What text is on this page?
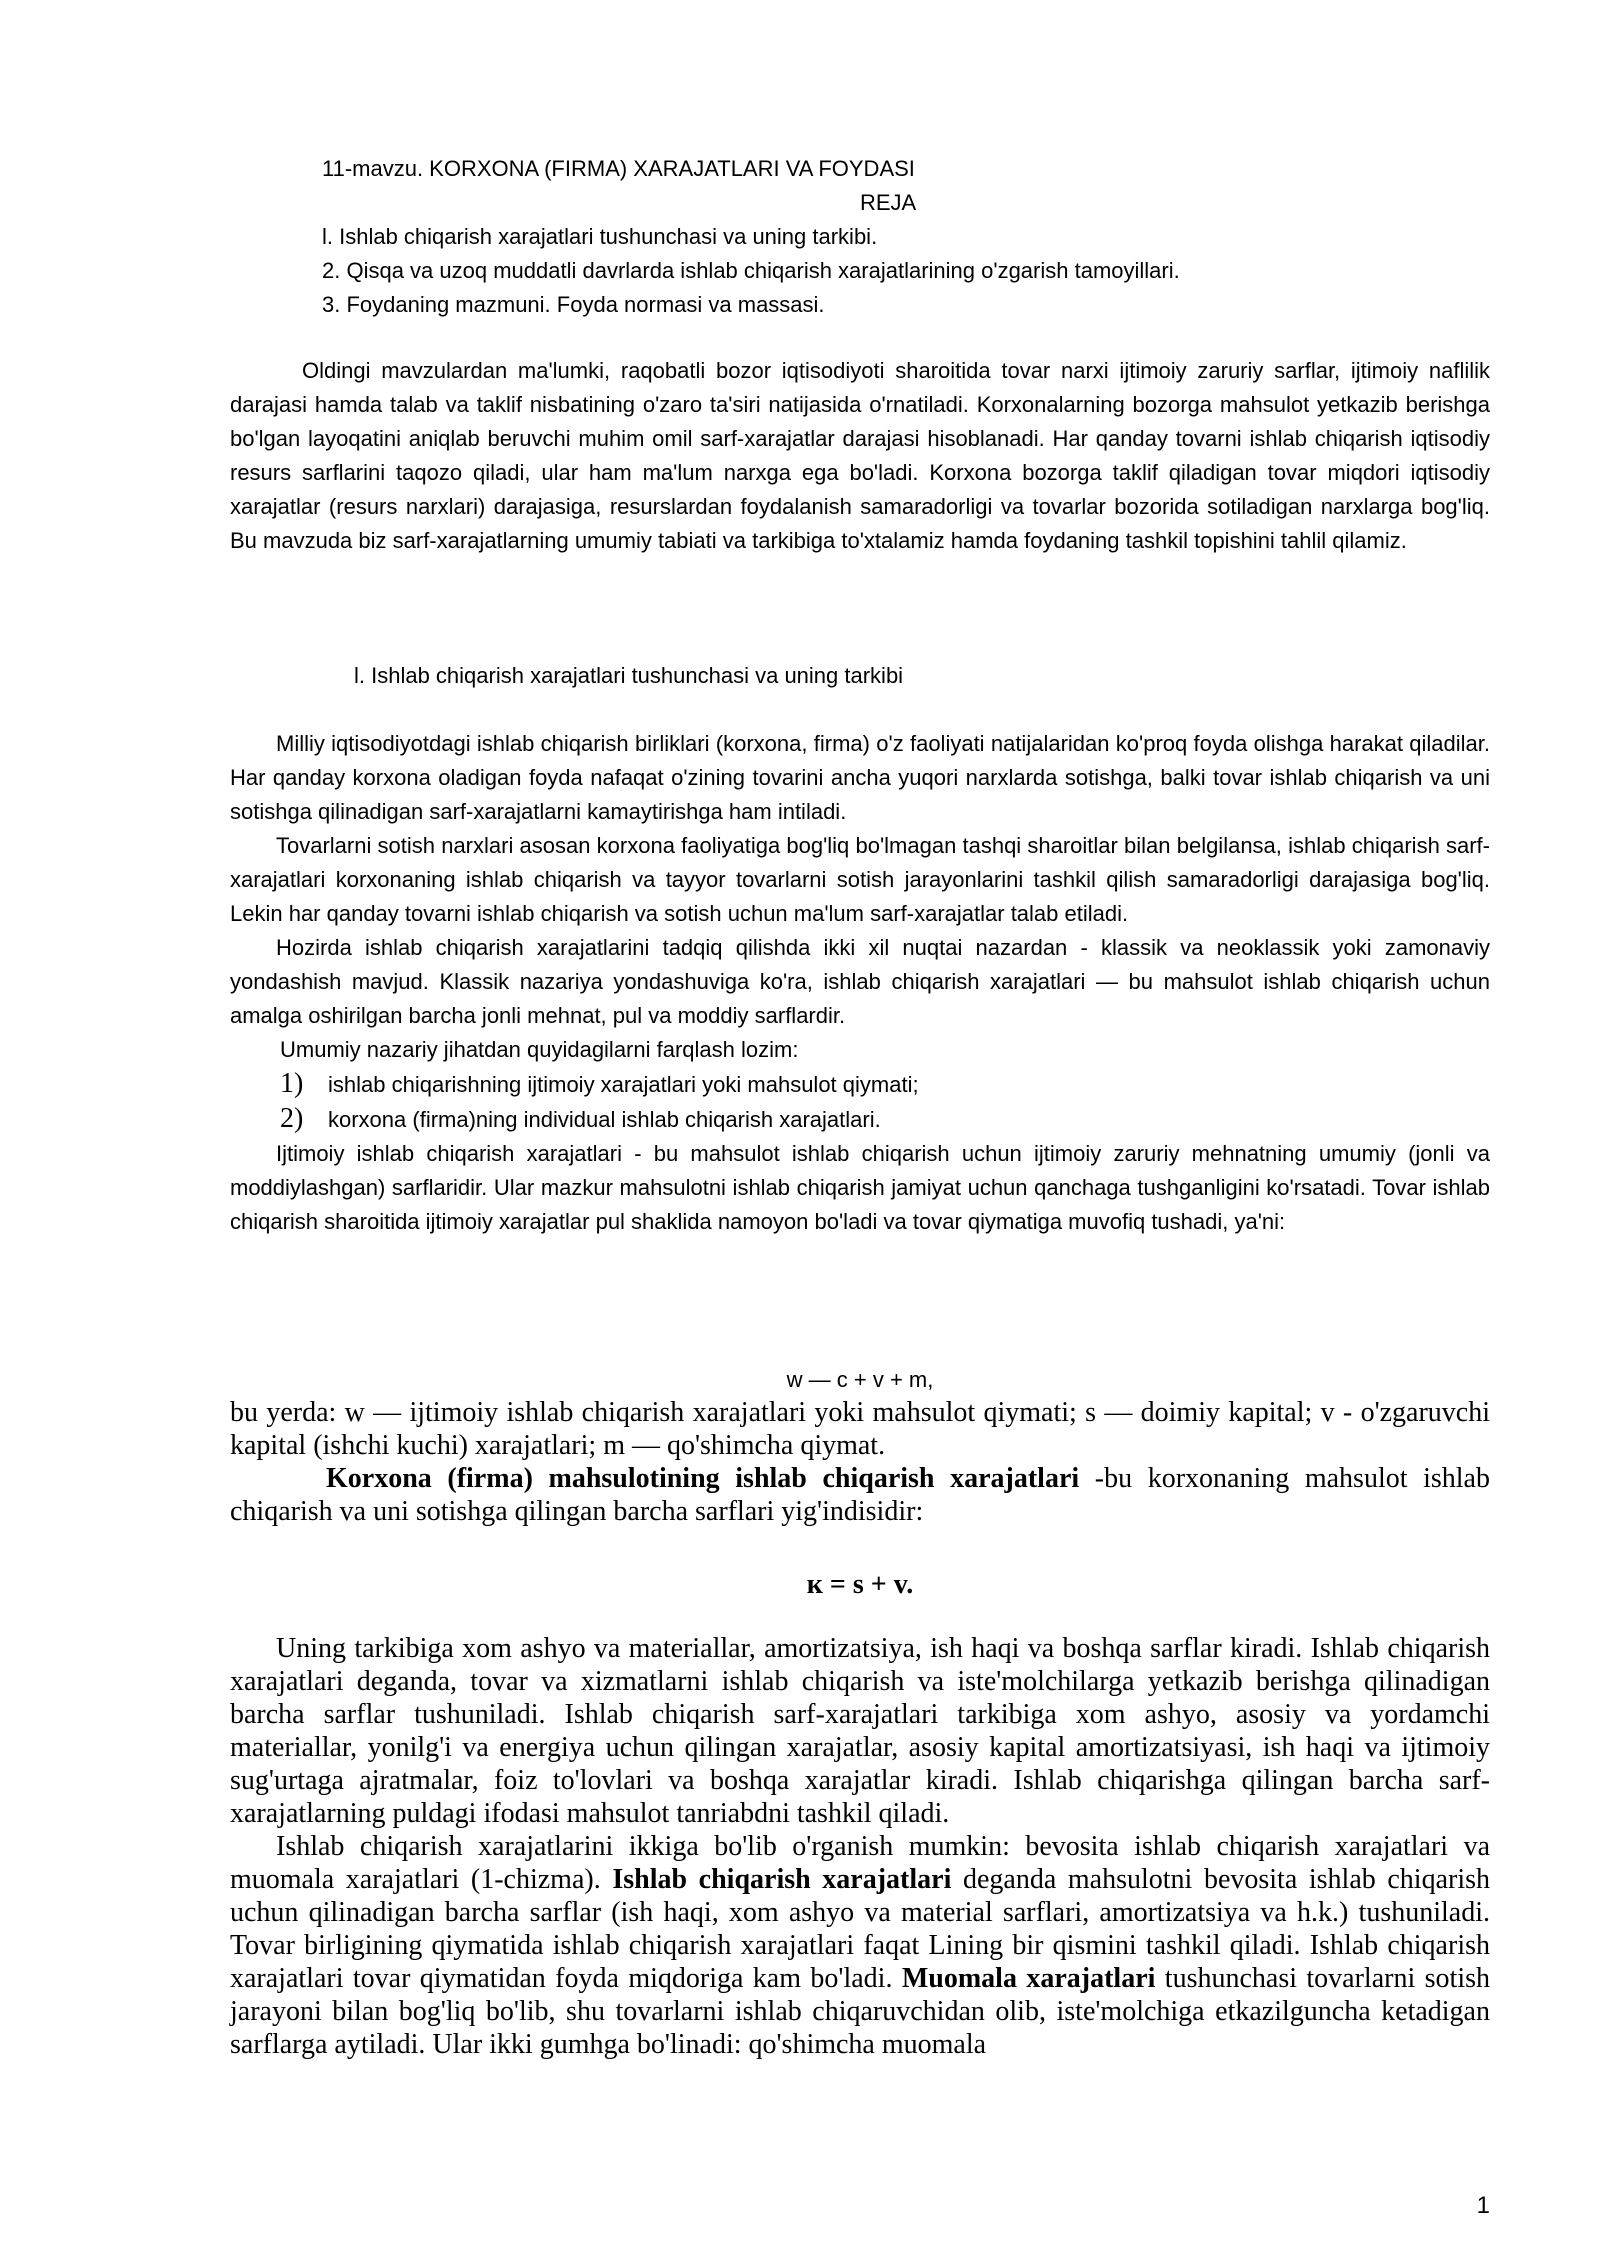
11-mavzu. KORXONA (FIRMA) XARAJATLARI VA FOYDASI
REJA
l. Ishlab chiqarish xarajatlari tushunchasi va uning tarkibi.
2. Qisqa va uzoq muddatli davrlarda ishlab chiqarish xarajatlarining o'zgarish tamoyillari.
3. Foydaning mazmuni. Foyda normasi va massasi.

Oldingi mavzulardan ma'lumki, raqobatli bozor iqtisodiyoti sharoitida tovar narxi ijtimoiy zaruriy sarflar, ijtimoiy naflilik darajasi hamda talab va taklif nisbatining o'zaro ta'siri natijasida o'rnatiladi. Korxonalarning bozorga mahsulot yetkazib berishga bo'lgan layoqatini aniqlab beruvchi muhim omil sarf-xarajatlar darajasi hisoblanadi. Har qanday tovarni ishlab chiqarish iqtisodiy resurs sarflarini taqozo qiladi, ular ham ma'lum narxga ega bo'ladi. Korxona bozorga taklif qiladigan tovar miqdori iqtisodiy xarajatlar (resurs narxlari) darajasiga, resurslardan foydalanish samaradorligi va tovarlar bozorida sotiladigan narxlarga bog'liq. Bu mavzuda biz sarf-xarajatlarning umumiy tabiati va tarkibiga to'xtalamiz hamda foydaning tashkil topishini tahlil qilamiz.

l. Ishlab chiqarish xarajatlari tushunchasi va uning tarkibi

Milliy iqtisodiyotdagi ishlab chiqarish birliklari (korxona, firma) o'z faoliyati natijalaridan ko'proq foyda olishga harakat qiladilar. Har qanday korxona oladigan foyda nafaqat o'zining tovarini ancha yuqori narxlarda sotishga, balki tovar ishlab chiqarish va uni sotishga qilinadigan sarf-xarajatlarni kamaytirishga ham intiladi.

Tovarlarni sotish narxlari asosan korxona faoliyatiga bog'liq bo'lmagan tashqi sharoitlar bilan belgilansa, ishlab chiqarish sarf-xarajatlari korxonaning ishlab chiqarish va tayyor tovarlarni sotish jarayonlarini tashkil qilish samaradorligi darajasiga bog'liq. Lekin har qanday tovarni ishlab chiqarish va sotish uchun ma'lum sarf-xarajatlar talab etiladi.

Hozirda ishlab chiqarish xarajatlarini tadqiq qilishda ikki xil nuqtai nazardan - klassik va neoklassik yoki zamonaviy yondashish mavjud. Klassik nazariya yondashuviga ko'ra, ishlab chiqarish xarajatlari — bu mahsulot ishlab chiqarish uchun amalga oshirilgan barcha jonli mehnat, pul va moddiy sarflardir.

Umumiy nazariy jihatdan quyidagilarni farqlash lozim:

1) ishlab chiqarishning ijtimoiy xarajatlari yoki mahsulot qiymati;
2) korxona (firma)ning individual ishlab chiqarish xarajatlari.

Ijtimoiy ishlab chiqarish xarajatlari - bu mahsulot ishlab chiqarish uchun ijtimoiy zaruriy mehnatning umumiy (jonli va moddiylashgan) sarflaridir. Ular mazkur mahsulotni ishlab chiqarish jamiyat uchun qanchaga tushganligini ko'rsatadi. Tovar ishlab chiqarish sharoitida ijtimoiy xarajatlar pul shaklida namoyon bo'ladi va tovar qiymatiga muvofiq tushadi, ya'ni:

w — c + v + m,

bu yerda: w — ijtimoiy ishlab chiqarish xarajatlari yoki mahsulot qiymati; s — doimiy kapital; v - o'zgaruvchi kapital (ishchi kuchi) xarajatlari; m — qo'shimcha qiymat.

Korxona (firma) mahsulotining ishlab chiqarish xarajatlari -bu korxonaning mahsulot ishlab chiqarish va uni sotishga qilingan barcha sarflari yig'indisidir:

к = s + v.

Uning tarkibiga xom ashyo va materiallar, amortizatsiya, ish haqi va boshqa sarflar kiradi. Ishlab chiqarish xarajatlari deganda, tovar va xizmatlarni ishlab chiqarish va iste'molchilarga yetkazib berishga qilinadigan barcha sarflar tushuniladi. Ishlab chiqarish sarf-xarajatlari tarkibiga xom ashyo, asosiy va yordamchi materiallar, yonilg'i va energiya uchun qilingan xarajatlar, asosiy kapital amortizatsiyasi, ish haqi va ijtimoiy sug'urtaga ajratmalar, foiz to'lovlari va boshqa xarajatlar kiradi. Ishlab chiqarishga qilingan barcha sarf-xarajatlarning puldagi ifodasi mahsulot tanriabdni tashkil qiladi.

Ishlab chiqarish xarajatlarini ikkiga bo'lib o'rganish mumkin: bevosita ishlab chiqarish xarajatlari va muomala xarajatlari (1-chizma). Ishlab chiqarish xarajatlari deganda mahsulotni bevosita ishlab chiqarish uchun qilinadigan barcha sarflar (ish haqi, xom ashyo va material sarflari, amortizatsiya va h.k.) tushuniladi. Tovar birligining qiymatida ishlab chiqarish xarajatlari faqat Lining bir qismini tashkil qiladi. Ishlab chiqarish xarajatlari tovar qiymatidan foyda miqdoriga kam bo'ladi. Muomala xarajatlari tushunchasi tovarlarni sotish jarayoni bilan bog'liq bo'lib, shu tovarlarni ishlab chiqaruvchidan olib, iste'molchiga etkazilguncha ketadigan sarflarga aytiladi. Ular ikki gumhga bo'linadi: qo'shimcha muomala

1
